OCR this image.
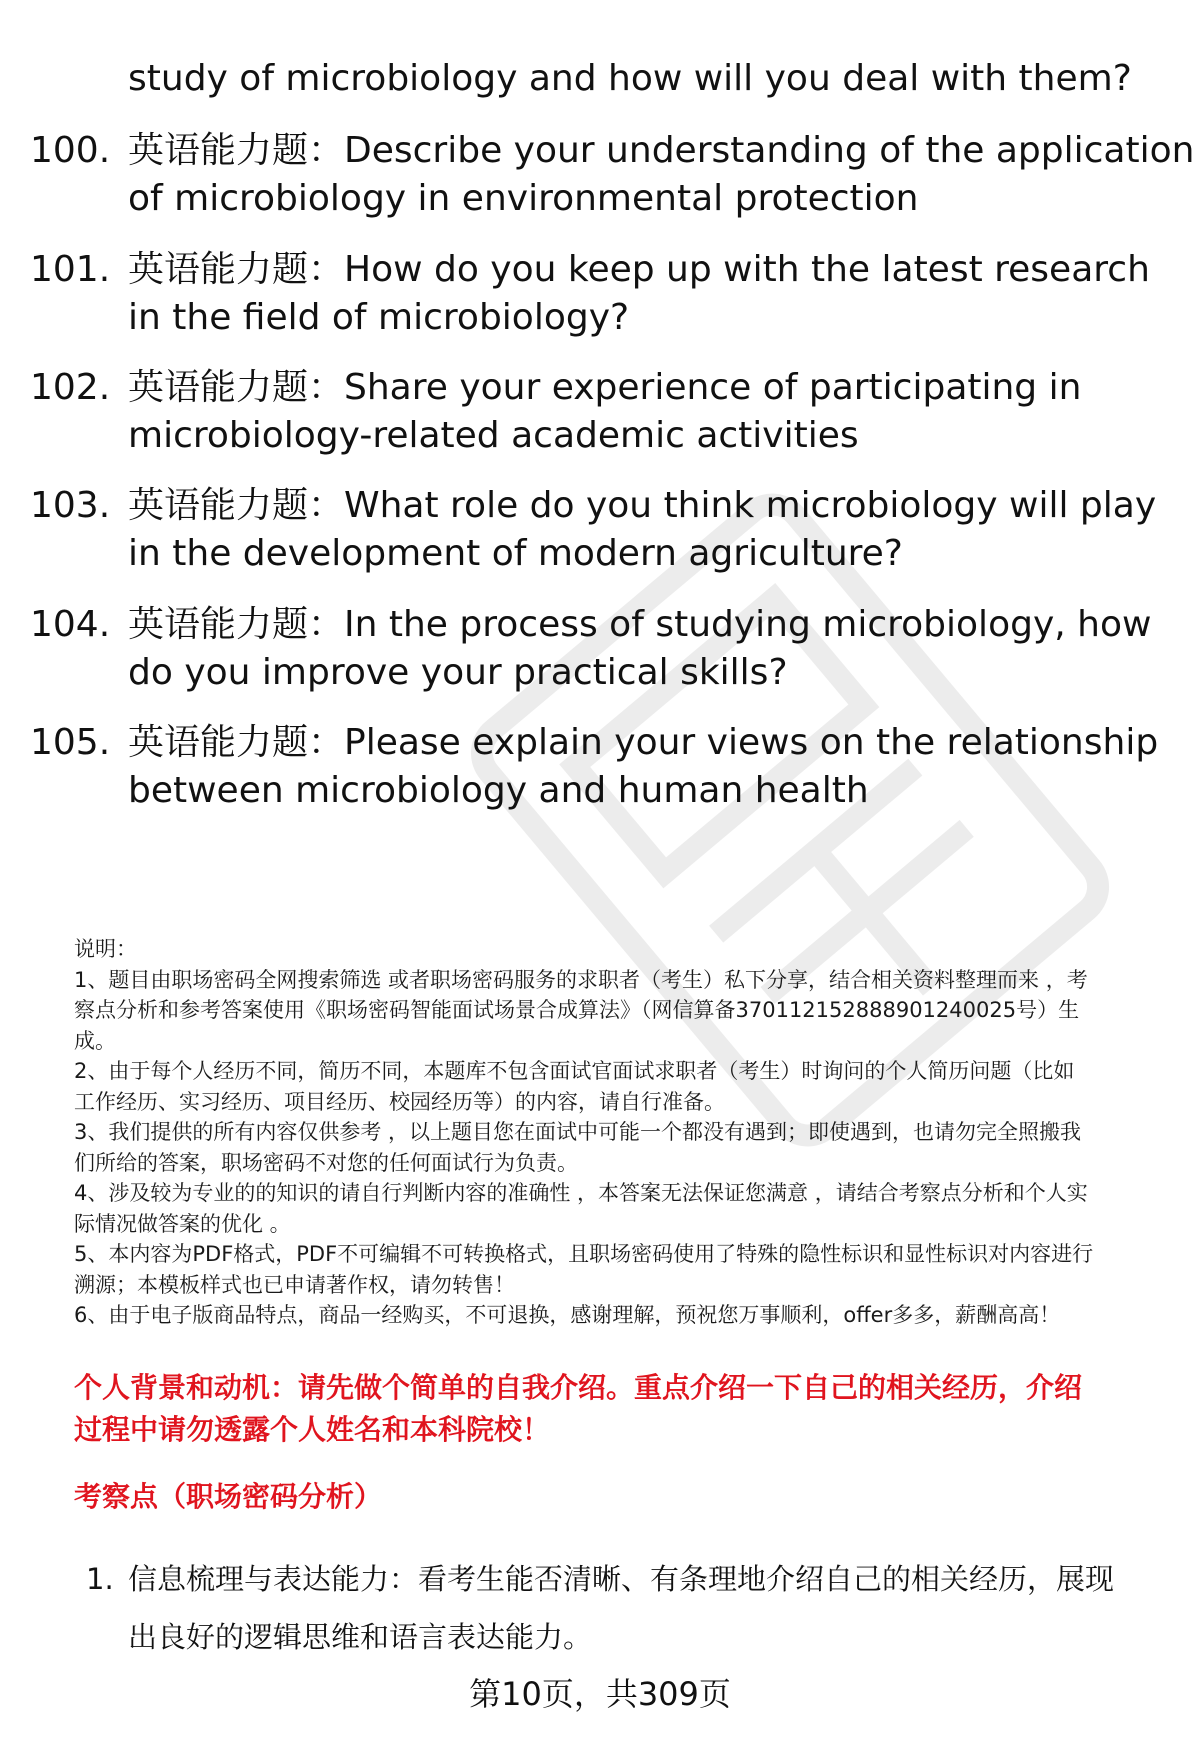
study of microbiology and how will you deal with them?
100. 英语能力题：Describe your understanding of the application
of microbiology in environmental protection
101. 英语能力题：How do you keep up with the latest research
in the field of microbiology?
102. 英语能力题：Share your experience of participating in
microbiology-related academic activities
103. 英语能力题：What role do you think microbiology will play
in the development of modern agriculture?
104. 英语能力题：In the process of studying microbiology, how
do you improve your practical skills?
105. 英语能力题：Please explain your views on the relationship
between microbiology and human health
说明：
1、题目由职场密码全网搜索筛选 或者职场密码服务的求职者（考生）私下分享，结合相关资料整理而来 ，考
察点分析和参考答案使用《职场密码智能面试场景合成算法》（网信算备370112152888901240025号）生
成。
2、由于每个人经历不同，简历不同，本题库不包含面试官面试求职者（考生）时询问的个人简历问题（比如
工作经历、实习经历、项目经历、校园经历等）的内容，请自行准备。
3、我们提供的所有内容仅供参考 ，以上题目您在面试中可能一个都没有遇到；即使遇到，也请勿完全照搬我
们所给的答案，职场密码不对您的任何面试行为负责。
4、涉及较为专业的的知识的请自行判断内容的准确性 ，本答案无法保证您满意 ，请结合考察点分析和个人实
际情况做答案的优化 。
5、本内容为PDF格式，PDF不可编辑不可转换格式，且职场密码使用了特殊的隐性标识和显性标识对内容进行
溯源；本模板样式也已申请著作权，请勿转售！
6、由于电子版商品特点，商品一经购买，不可退换，感谢理解，预祝您万事顺利，offer多多，薪酬高高！
个人背景和动机：请先做个简单的自我介绍。重点介绍一下自己的相关经历，介绍
过程中请勿透露个人姓名和本科院校！
考察点（职场密码分析）
1. 信息梳理与表达能力：看考生能否清晰、有条理地介绍自己的相关经历，展现
出良好的逻辑思维和语言表达能力。
第10页，共309页
